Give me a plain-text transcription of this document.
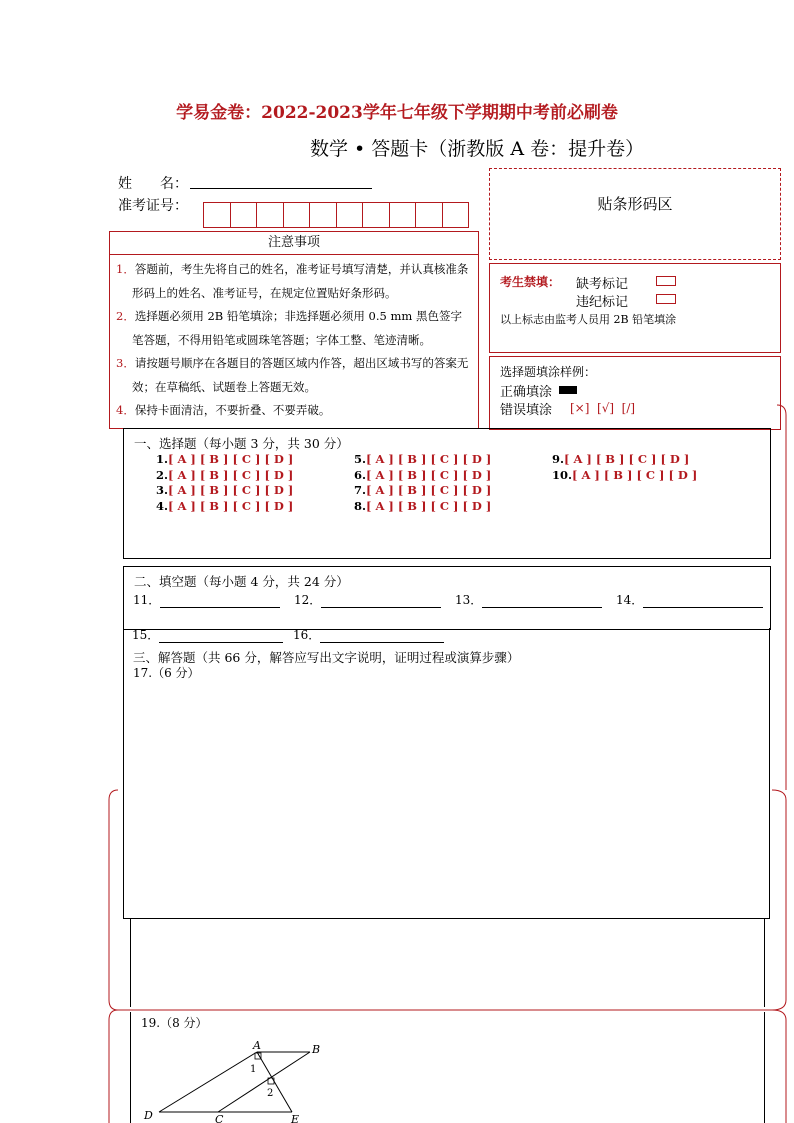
学易金卷：2022-2023学年七年级下学期期中考前必刷卷
数学 • 答题卡（浙教版 A 卷：提升卷）
姓　　名：
准考证号：	贴条形码区
注意事项
1．答题前，考生先将自己的姓名，准考证号填写清楚，并认真核准条形码上的姓名、准考证号，在规定位置贴好条形码。
2．选择题必须用 2B 铅笔填涂；非选择题必须用 0.5 mm 黑色签字笔答题，不得用铅笔或圆珠笔答题；字体工整、笔迹清晰。
3．请按题号顺序在各题目的答题区域内作答，超出区域书写的答案无效；在草稿纸、试题卷上答题无效。
4．保持卡面清洁，不要折叠、不要弄破。
考生禁填： 缺考标记
违纪标记
以上标志由监考人员用 2B 铅笔填涂
选择题填涂样例：
正确填涂
错误填涂 [×]  [√]  [∕]
一、选择题（每小题 3 分，共 30 分）
1.[ A ] [ B ] [ C ] [ D ]
2.[ A ] [ B ] [ C ] [ D ]
3.[ A ] [ B ] [ C ] [ D ]
4.[ A ] [ B ] [ C ] [ D ]
5.[ A ] [ B ] [ C ] [ D ]
6.[ A ] [ B ] [ C ] [ D ]
7.[ A ] [ B ] [ C ] [ D ]
8.[ A ] [ B ] [ C ] [ D ]
9.[ A ] [ B ] [ C ] [ D ]
10.[ A ] [ B ] [ C ] [ D ]
二、填空题（每小题 4 分，共 24 分）
11．	12．	13．	14．
15．	16．
三、解答题（共 66 分，解答应写出文字说明，证明过程或演算步骤）
17.（6 分）
19.（8 分）
A	B
D	C	E
1
2
